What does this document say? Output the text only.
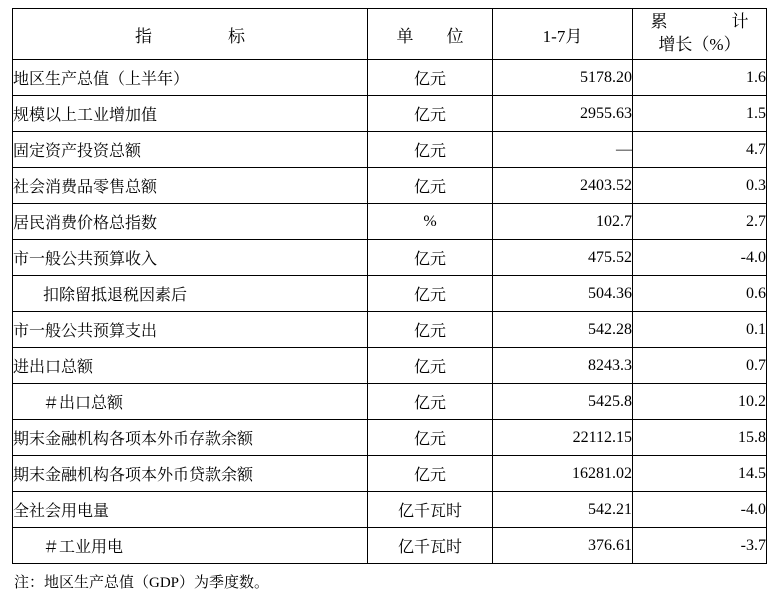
指　　标	单　位	1-7月	累　　计
增长（%）

地区生产总值（上半年）	亿元	5178.20	1.6
规模以上工业增加值	亿元	2955.63	1.5
固定资产投资总额	亿元	—	4.7
社会消费品零售总额	亿元	2403.52	0.3
居民消费价格总指数	%	102.7	2.7
市一般公共预算收入	亿元	475.52	-4.0
扣除留抵退税因素后	亿元	504.36	0.6
市一般公共预算支出	亿元	542.28	0.1
进出口总额	亿元	8243.3	0.7
＃出口总额	亿元	5425.8	10.2
期末金融机构各项本外币存款余额	亿元	22112.15	15.8
期末金融机构各项本外币贷款余额	亿元	16281.02	14.5
全社会用电量	亿千瓦时	542.21	-4.0
＃工业用电	亿千瓦时	376.61	-3.7
注：地区生产总值（GDP）为季度数。
